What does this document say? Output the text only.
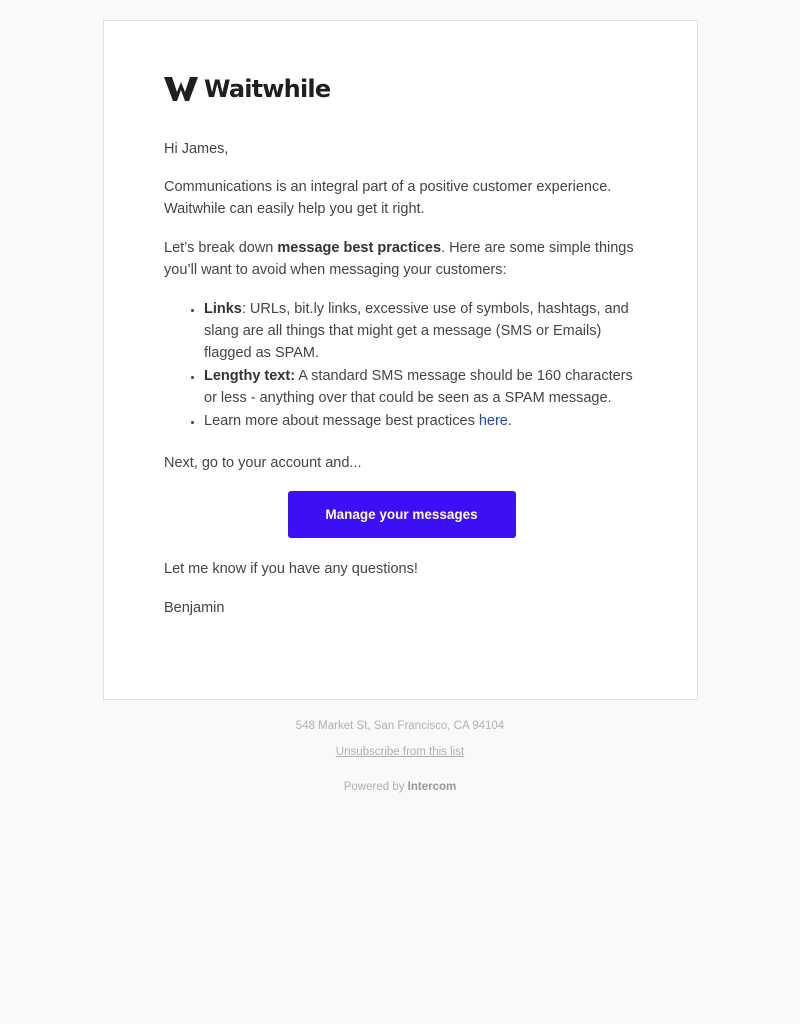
Waitwhile

Hi James,

Communications is an integral part of a positive customer experience. Waitwhile can easily help you get it right.

Let’s break down message best practices. Here are some simple things you’ll want to avoid when messaging your customers:

Links: URLs, bit.ly links, excessive use of symbols, hashtags, and slang are all things that might get a message (SMS or Emails) flagged as SPAM.
Lengthy text: A standard SMS message should be 160 characters or less - anything over that could be seen as a SPAM message.
Learn more about message best practices here.

Next, go to your account and...

Manage your messages

Let me know if you have any questions!

Benjamin

548 Market St, San Francisco, CA 94104
Unsubscribe from this list
Powered by Intercom
